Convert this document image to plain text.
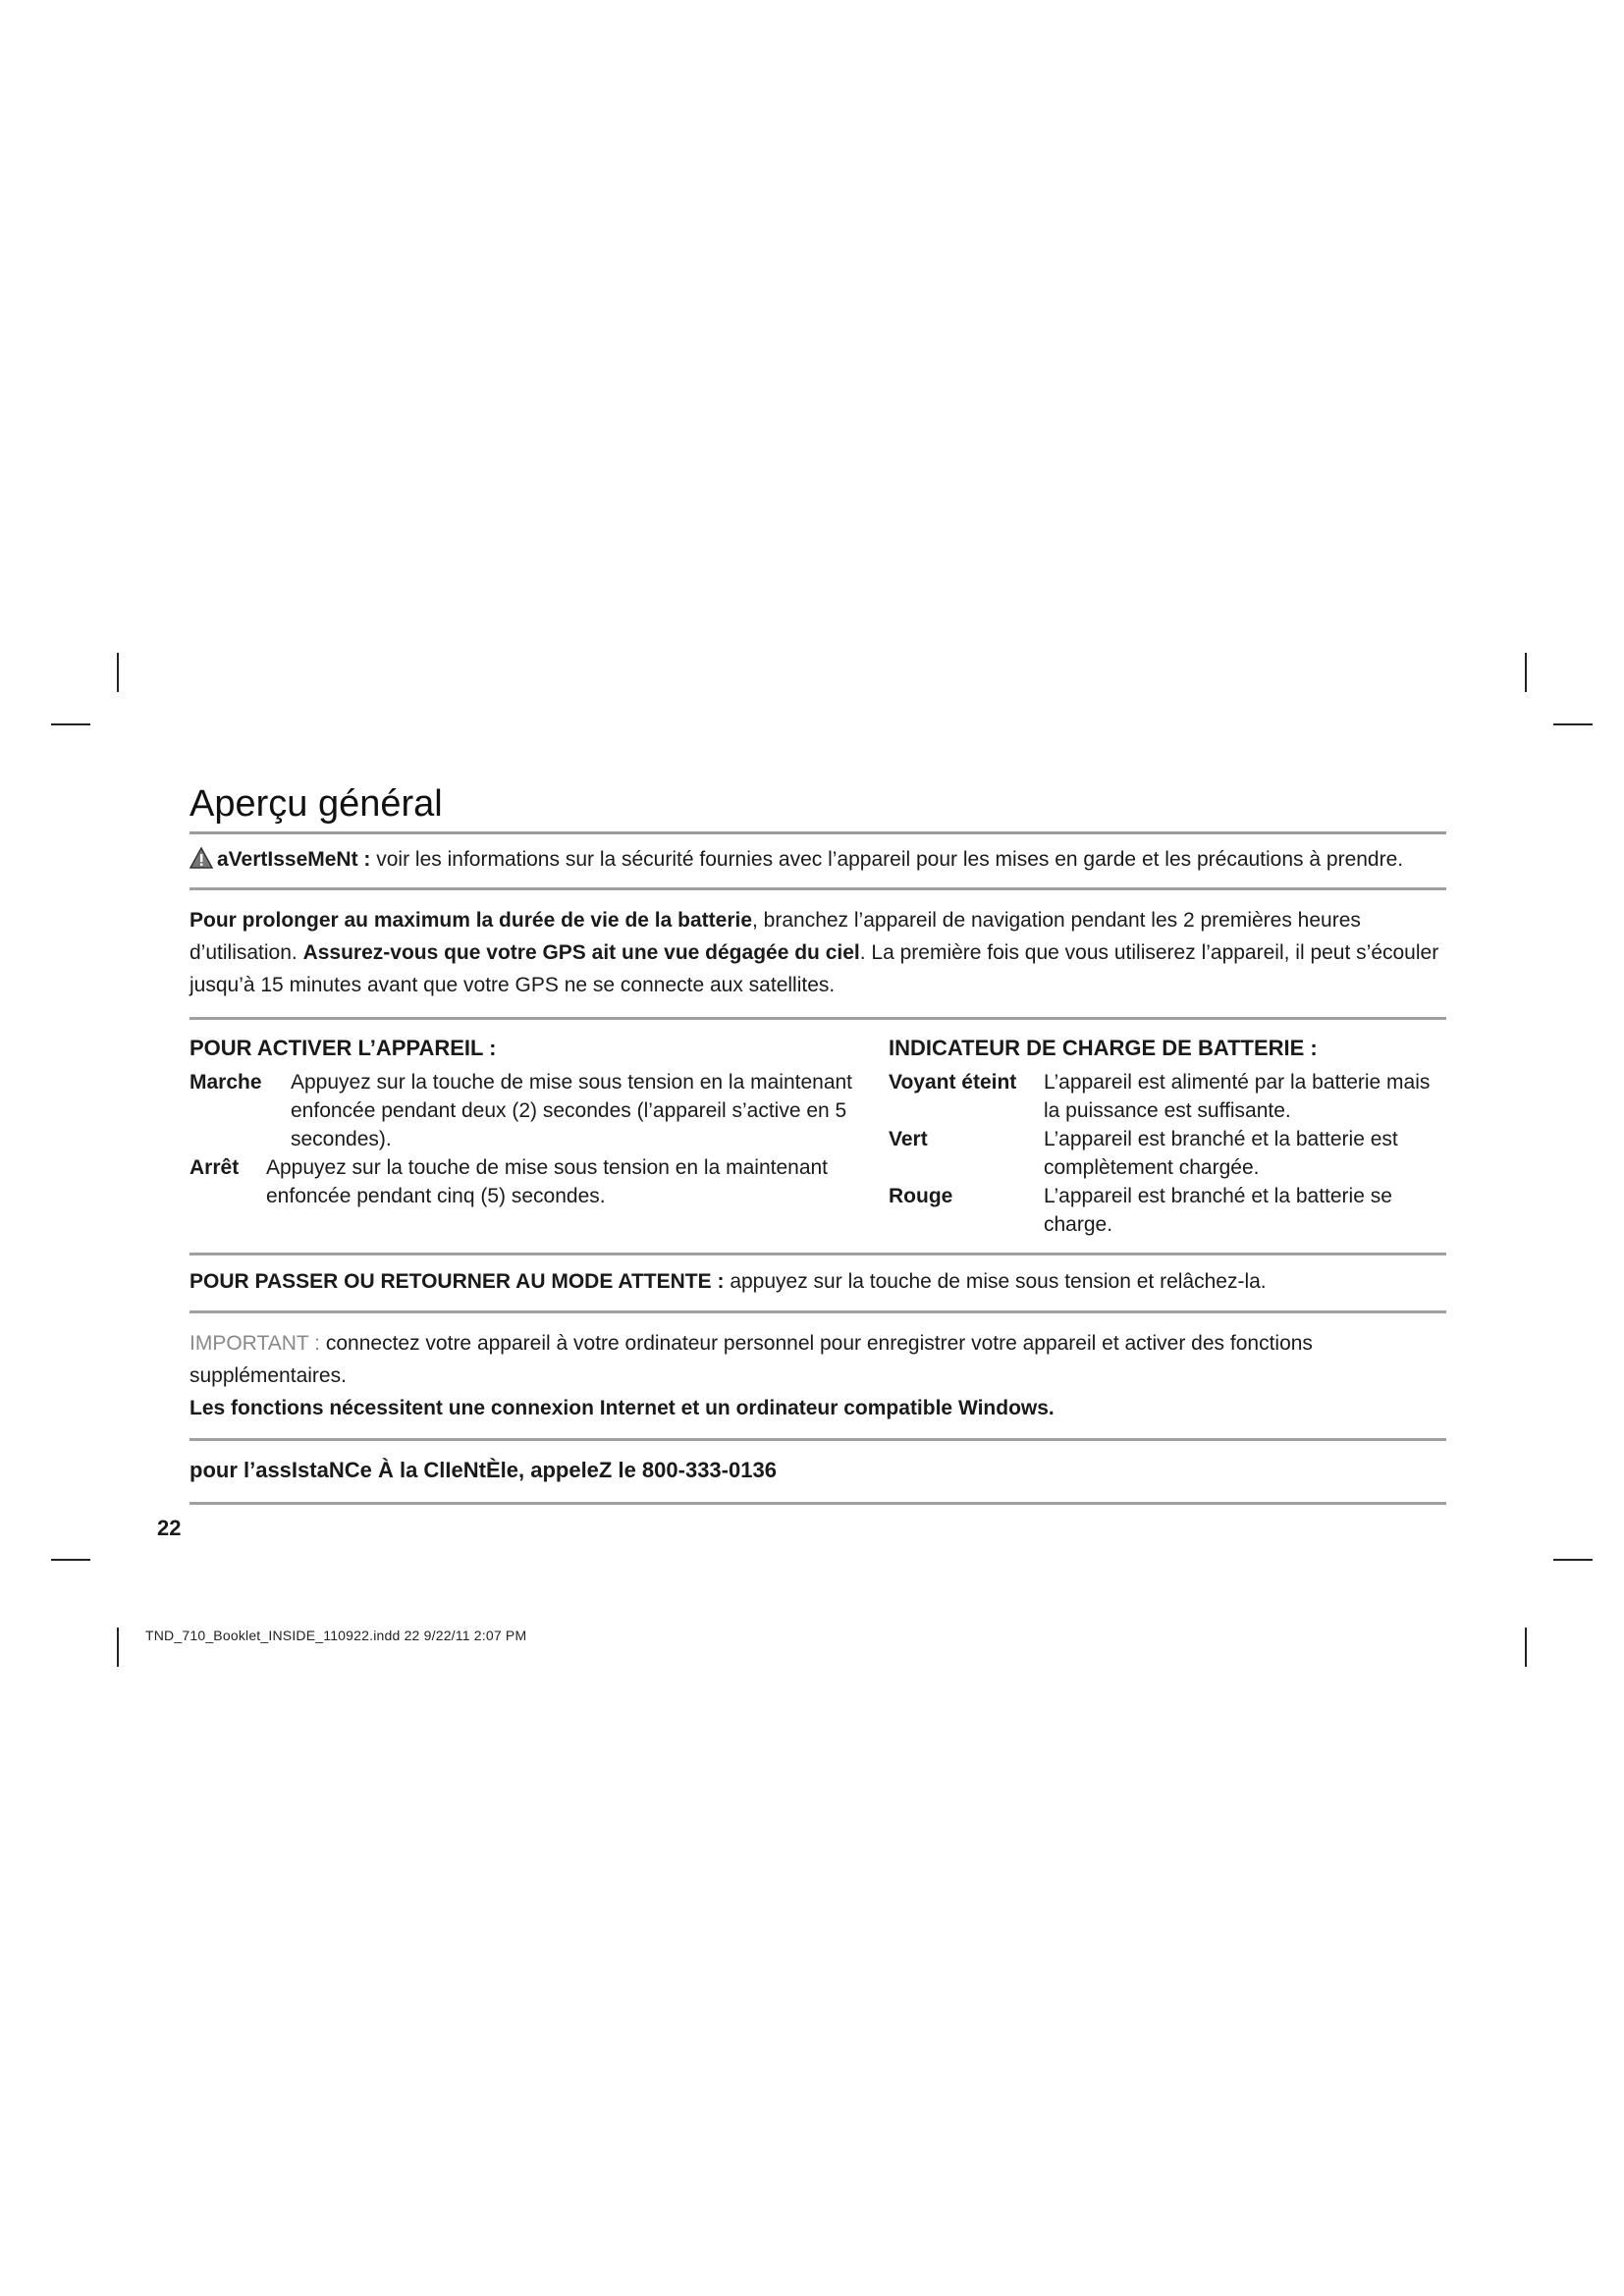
Aperçu général
aVertIsseMeNt : voir les informations sur la sécurité fournies avec l’appareil pour les mises en garde et les précautions à prendre.
Pour prolonger au maximum la durée de vie de la batterie, branchez l’appareil de navigation pendant les 2 premières heures d’utilisation. Assurez-vous que votre GPS ait une vue dégagée du ciel. La première fois que vous utiliserez l’appareil, il peut s’écouler jusqu’à 15 minutes avant que votre GPS ne se connecte aux satellites.
POUR ACTIVER L’APPAREIL :
Marche	Appuyez sur la touche de mise sous tension en la maintenant enfoncée pendant deux (2) secondes (l’appareil s’active en 5 secondes).
Arrêt	Appuyez sur la touche de mise sous tension en la maintenant enfoncée pendant cinq (5) secondes.
INDICATEUR DE CHARGE DE BATTERIE :
Voyant éteint	L’appareil est alimenté par la batterie mais la puissance est suffisante.
Vert	L’appareil est branché et la batterie est complètement chargée.
Rouge	L’appareil est branché et la batterie se charge.
POUR PASSER OU RETOURNER AU MODE ATTENTE : appuyez sur la touche de mise sous tension et relâchez-la.
IMPORTANT : connectez votre appareil à votre ordinateur personnel pour enregistrer votre appareil et activer des fonctions supplémentaires.
Les fonctions nécessitent une connexion Internet et un ordinateur compatible Windows.
pour l’assIstaNCe À la ClIeNtÈle, appeleZ le 800-333-0136
22
TND_710_Booklet_INSIDE_110922.indd 22 9/22/11 2:07 PM
